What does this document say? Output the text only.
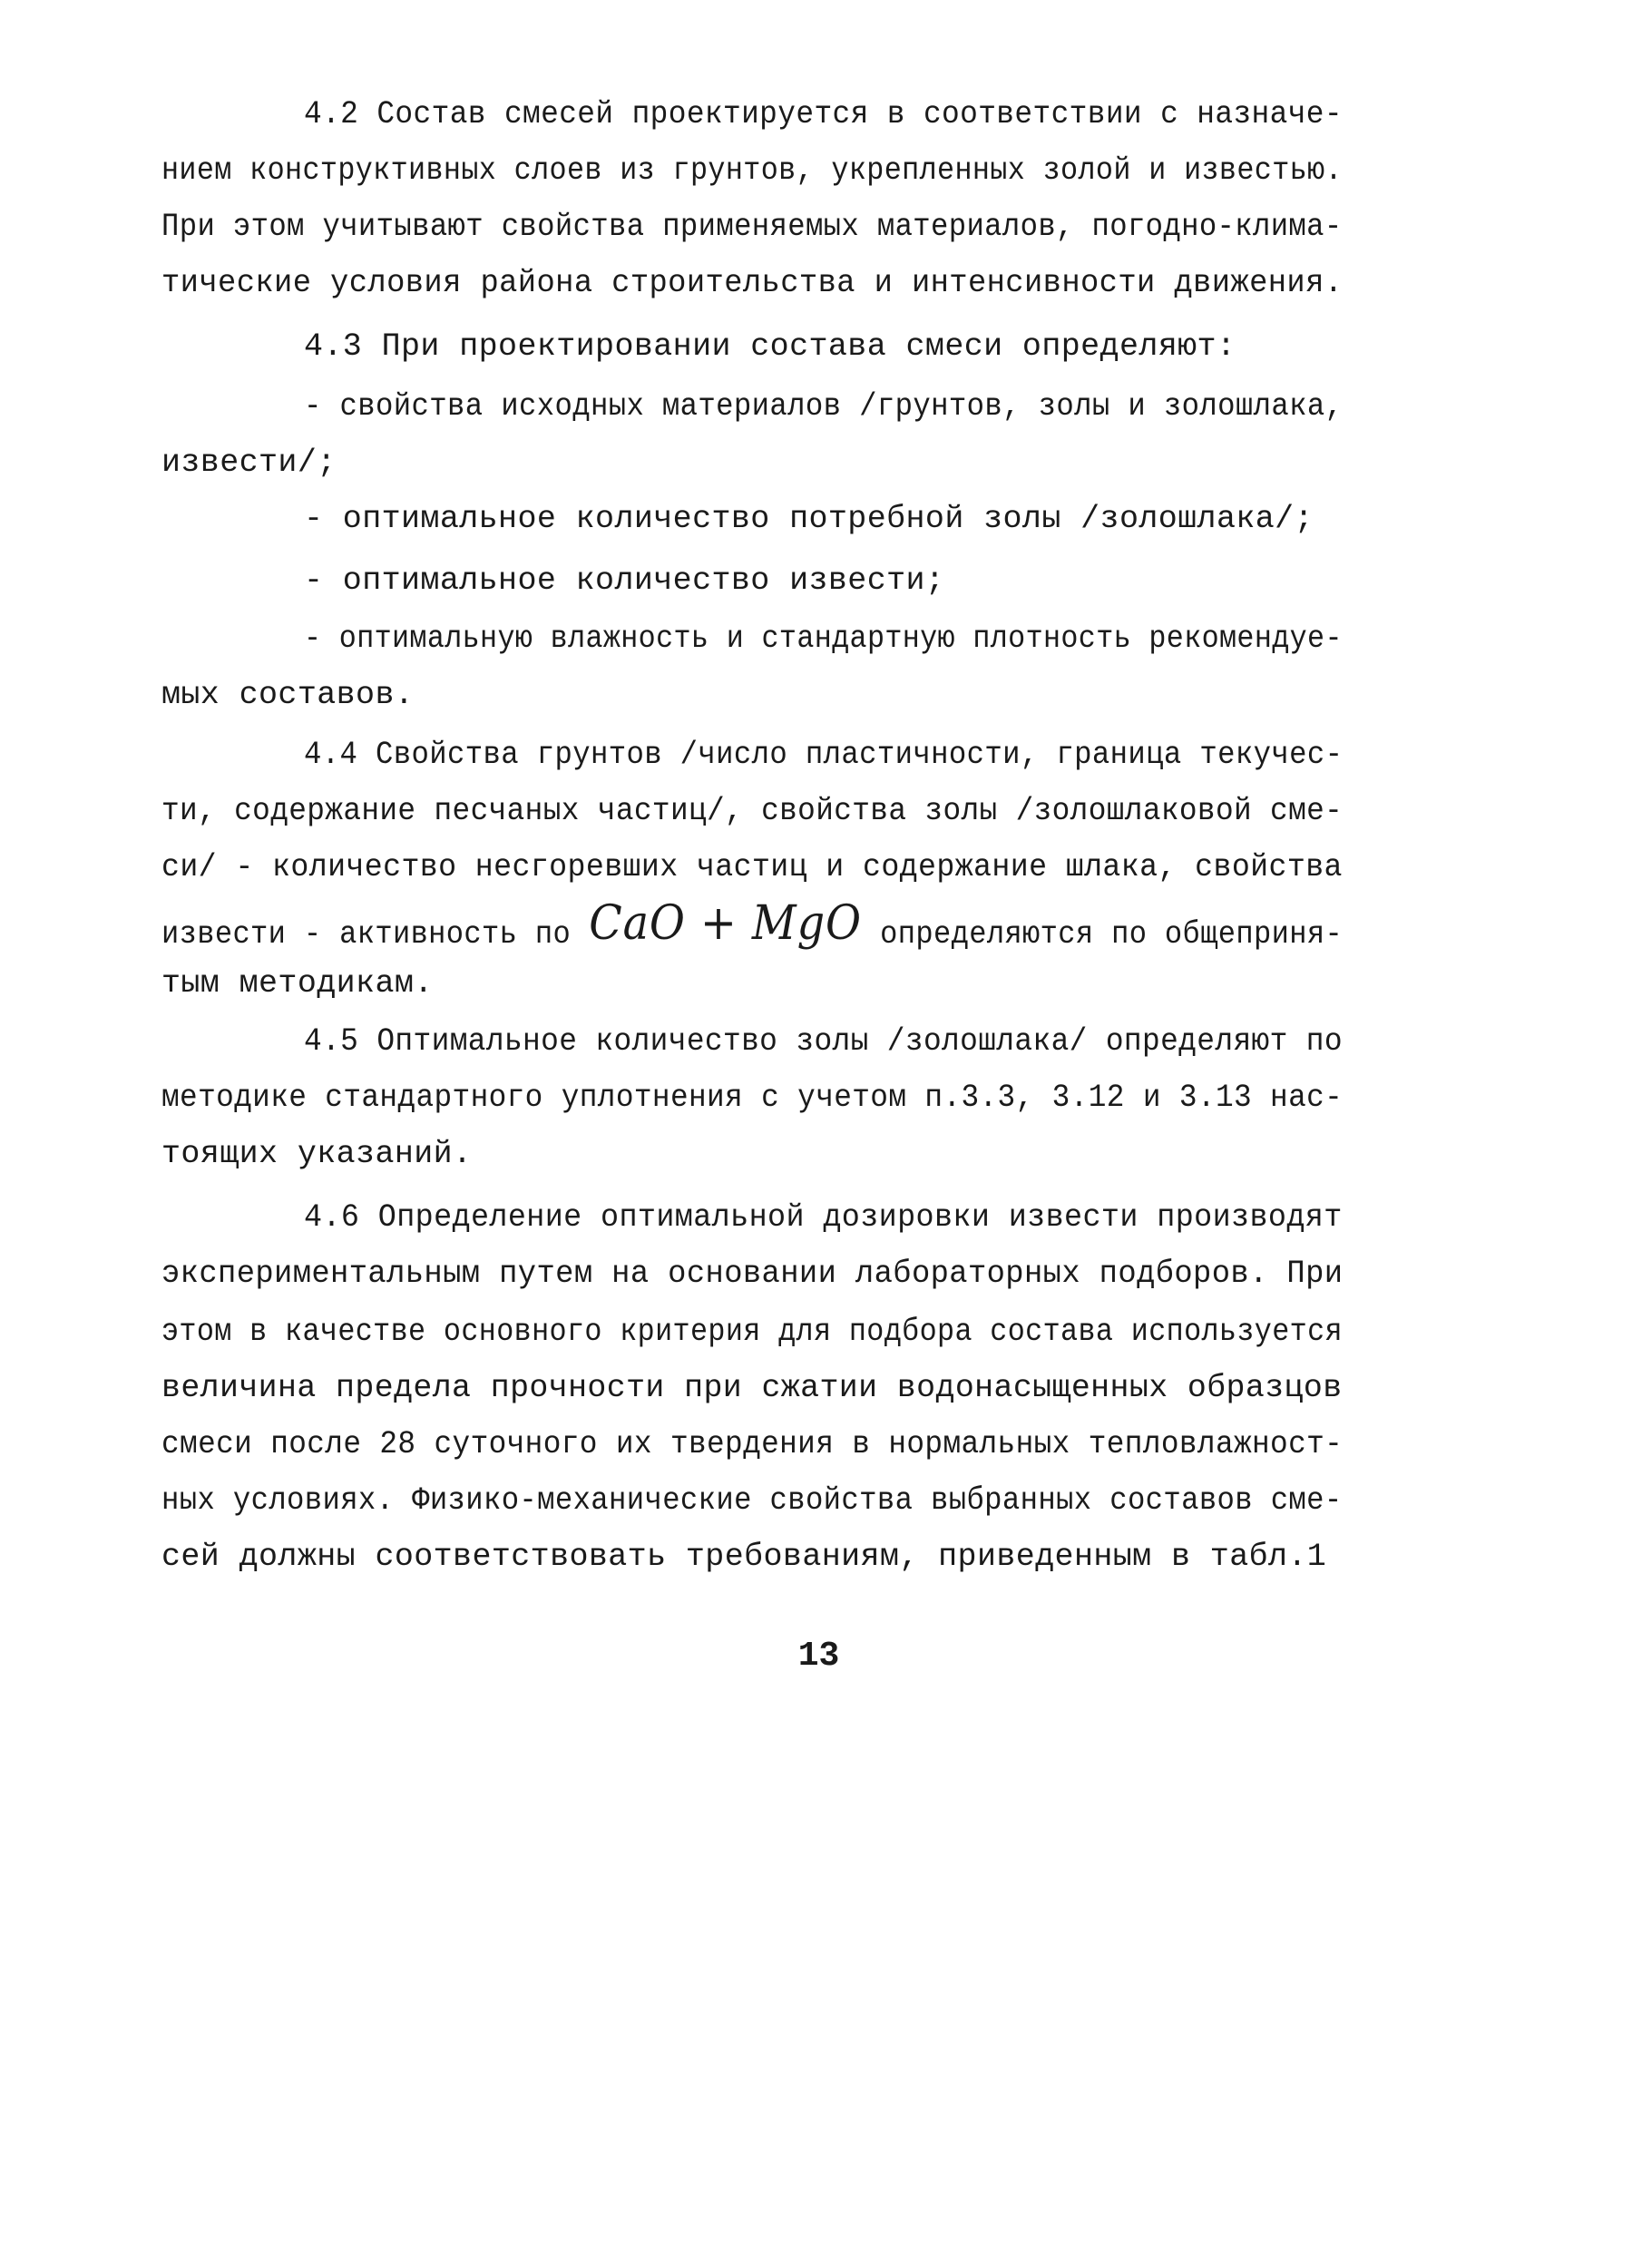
4.2 Состав смесей проектируется в соответствии с назначе-
нием конструктивных слоев из грунтов, укрепленных золой и известью.
При этом учитывают свойства применяемых материалов, погодно-клима-
тические условия района строительства и интенсивности движения.
4.3 При проектировании состава смеси определяют:
- свойства исходных материалов /грунтов, золы и золошлака,
извести/;
- оптимальное количество потребной золы /золошлака/;
- оптимальное количество извести;
- оптимальную влажность и стандартную плотность рекомендуе-
мых составов.
4.4 Свойства грунтов /число пластичности, граница текучес-
ти, содержание песчаных частиц/, свойства золы /золошлаковой сме-
си/ - количество несгоревших частиц и содержание шлака, свойства
извести - активность по CaO + MgO определяются по общеприня-
тым методикам.
4.5 Оптимальное количество золы /золошлака/ определяют по
методике стандартного уплотнения с учетом п.3.3, 3.12 и 3.13 нас-
тоящих указаний.
4.6 Определение оптимальной дозировки извести производят
экспериментальным путем на основании лабораторных подборов. При
этом в качестве основного критерия для подбора состава используется
величина предела прочности при сжатии водонасыщенных образцов
смеси после 28 суточного их твердения в нормальных тепловлажност-
ных условиях. Физико-механические свойства выбранных составов сме-
сей должны соответствовать требованиям, приведенным в табл.1
13
